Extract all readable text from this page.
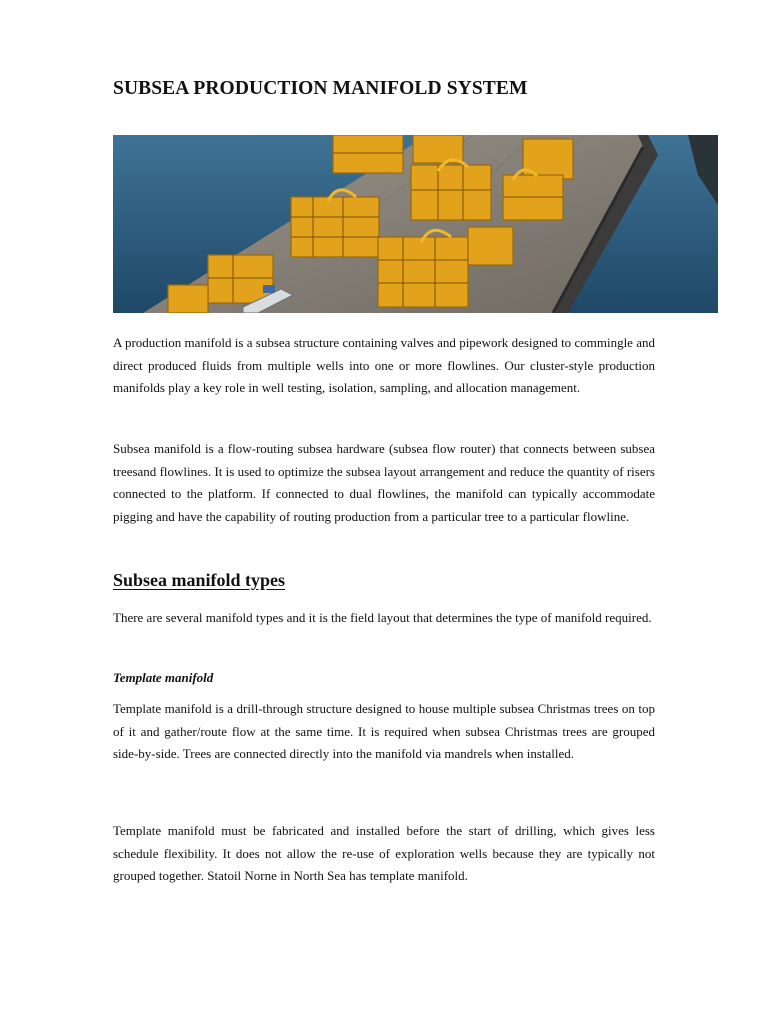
SUBSEA PRODUCTION MANIFOLD SYSTEM

A production manifold is a subsea structure containing valves and pipework designed to commingle and direct produced fluids from multiple wells into one or more flowlines. Our cluster-style production manifolds play a key role in well testing, isolation, sampling, and allocation management.

Subsea manifold is a flow-routing subsea hardware (subsea flow router) that connects between subsea treesand flowlines. It is used to optimize the subsea layout arrangement and reduce the quantity of risers connected to the platform. If connected to dual flowlines, the manifold can typically accommodate pigging and have the capability of routing production from a particular tree to a particular flowline.

Subsea manifold types

There are several manifold types and it is the field layout that determines the type of manifold required.

Template manifold

Template manifold is a drill-through structure designed to house multiple subsea Christmas trees on top of it and gather/route flow at the same time. It is required when subsea Christmas trees are grouped side-by-side. Trees are connected directly into the manifold via mandrels when installed.

Template manifold must be fabricated and installed before the start of drilling, which gives less schedule flexibility. It does not allow the re-use of exploration wells because they are typically not grouped together. Statoil Norne in North Sea has template manifold.
